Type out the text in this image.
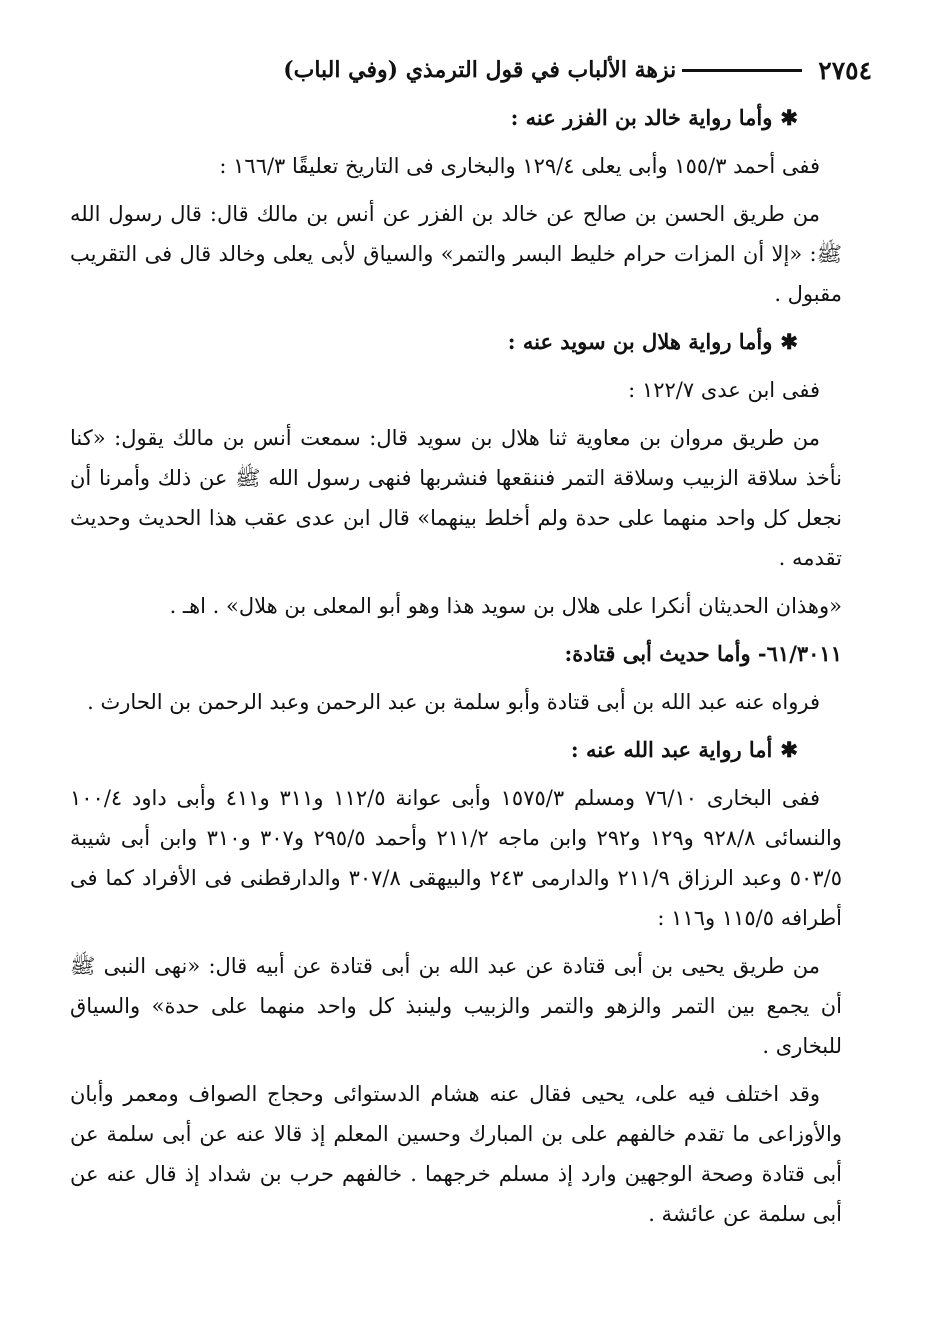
٢٧٥٤
نزهة الألباب في قول الترمذي (وفي الباب)

✱وأما رواية خالد بن الفزر عنه :

ففى أحمد ١٥٥/٣ وأبى يعلى ١٢٩/٤ والبخارى فى التاريخ تعليقًا ١٦٦/٣ :

من طريق الحسن بن صالح عن خالد بن الفزر عن أنس بن مالك قال: قال رسول الله ﷺ: «إلا أن المزات حرام خليط البسر والتمر» والسياق لأبى يعلى وخالد قال فى التقريب مقبول .

✱وأما رواية هلال بن سويد عنه :

ففى ابن عدى ١٢٢/٧ :

من طريق مروان بن معاوية ثنا هلال بن سويد قال: سمعت أنس بن مالك يقول: «كنا نأخذ سلاقة الزبيب وسلاقة التمر فننقعها فنشربها فنهى رسول الله ﷺ عن ذلك وأمرنا أن نجعل كل واحد منهما على حدة ولم أخلط بينهما» قال ابن عدى عقب هذا الحديث وحديث تقدمه .

«وهذان الحديثان أنكرا على هلال بن سويد هذا وهو أبو المعلى بن هلال» . اهـ .

٦١/٣٠١١- وأما حديث أبى قتادة:

فرواه عنه عبد الله بن أبى قتادة وأبو سلمة بن عبد الرحمن وعبد الرحمن بن الحارث .

✱أما رواية عبد الله عنه :

ففى البخارى ٧٦/١٠ ومسلم ١٥٧٥/٣ وأبى عوانة ١١٢/٥ و٣١١ و٤١١ وأبى داود ١٠٠/٤ والنسائى ٩٢٨/٨ و١٢٩ و٢٩٢ وابن ماجه ٢١١/٢ وأحمد ٢٩٥/٥ و٣٠٧ و٣١٠ وابن أبى شيبة ٥٠٣/٥ وعبد الرزاق ٢١١/٩ والدارمى ٢٤٣ والبيهقى ٣٠٧/٨ والدارقطنى فى الأفراد كما فى أطرافه ١١٥/٥ و١١٦ :

من طريق يحيى بن أبى قتادة عن عبد الله بن أبى قتادة عن أبيه قال: «نهى النبى ﷺ أن يجمع بين التمر والزهو والتمر والزبيب ولينبذ كل واحد منهما على حدة» والسياق للبخارى .

وقد اختلف فيه على، يحيى فقال عنه هشام الدستوائى وحجاج الصواف ومعمر وأبان والأوزاعى ما تقدم خالفهم على بن المبارك وحسين المعلم إذ قالا عنه عن أبى سلمة عن أبى قتادة وصحة الوجهين وارد إذ مسلم خرجهما . خالفهم حرب بن شداد إذ قال عنه عن أبى سلمة عن عائشة .
